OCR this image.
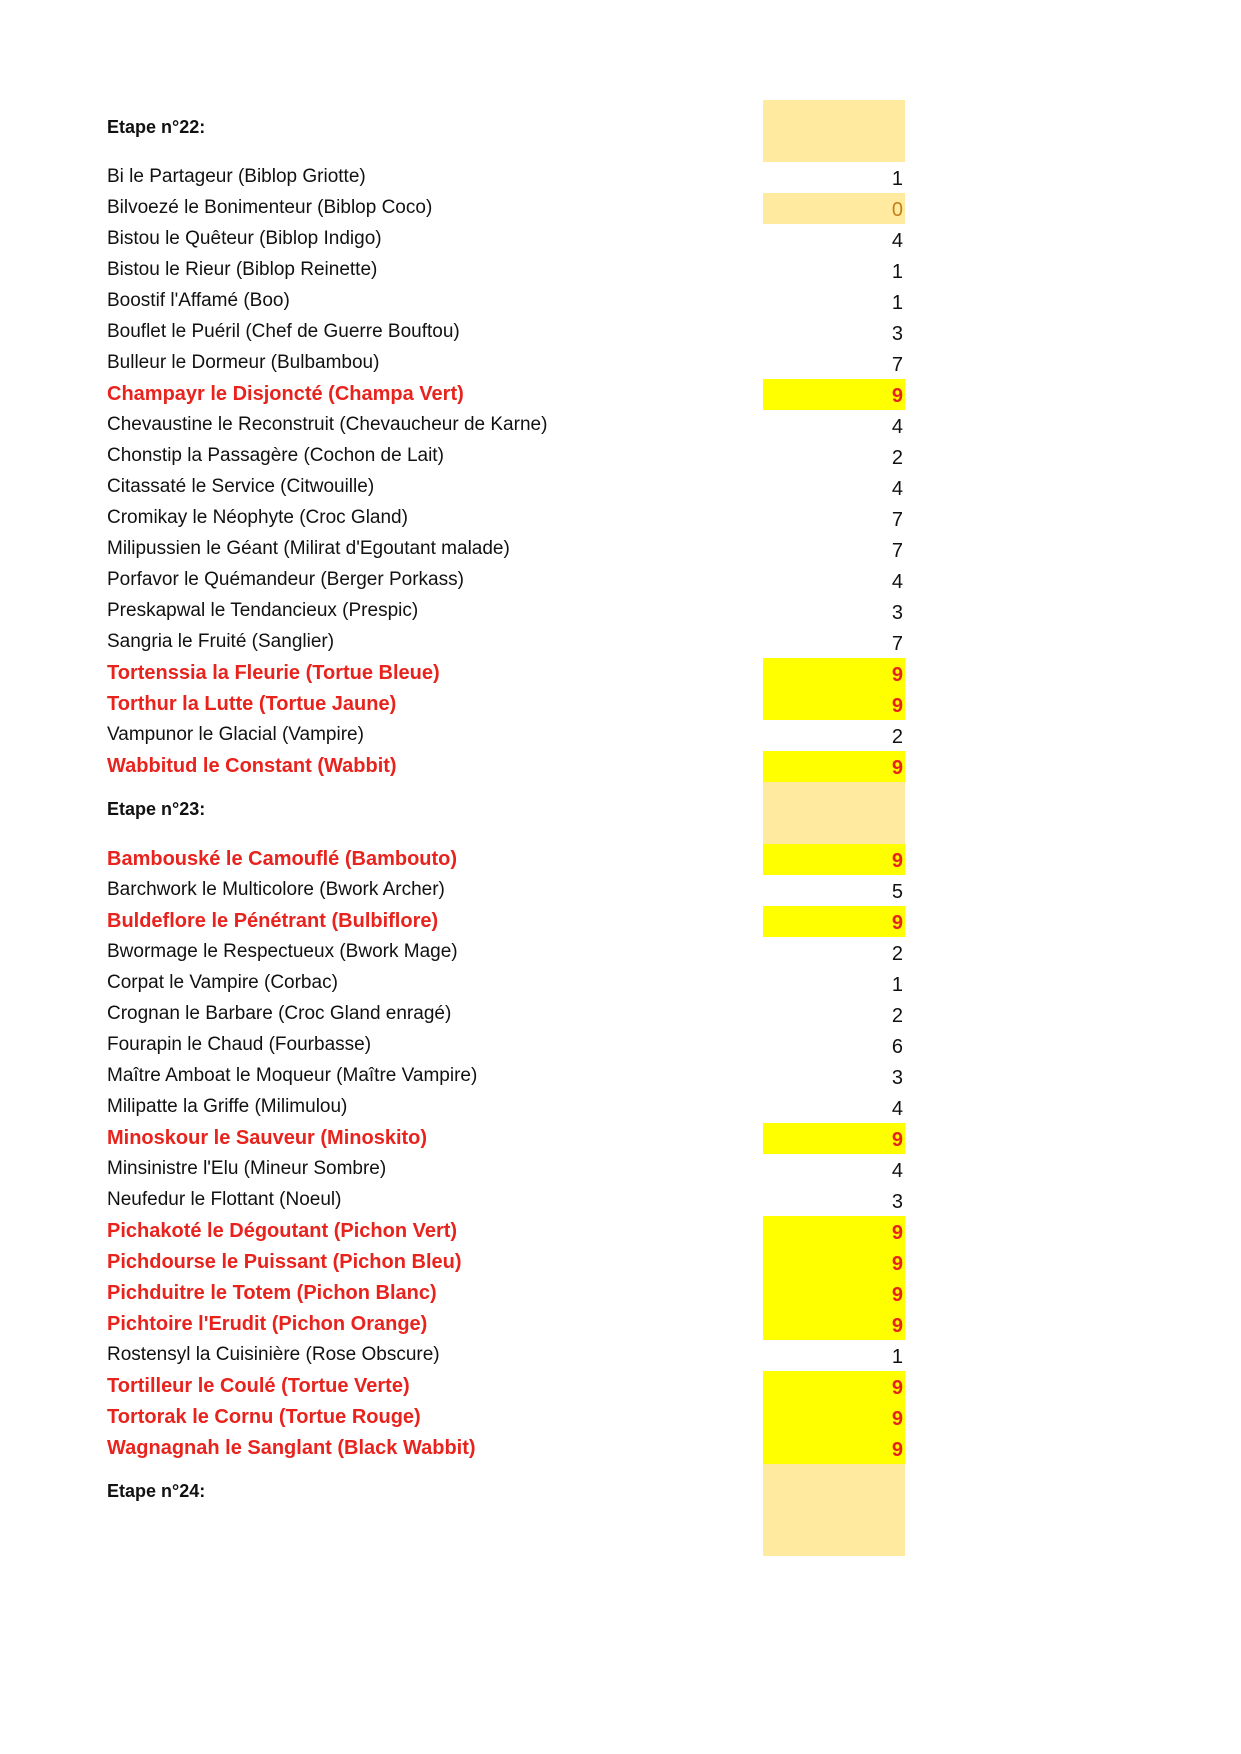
Etape n°22:
Bi le Partageur (Biblop Griotte)	1
Bilvoezé le Bonimenteur (Biblop Coco)	0
Bistou le Quêteur (Biblop Indigo)	4
Bistou le Rieur (Biblop Reinette)	1
Boostif l'Affamé (Boo)	1
Bouflet le Puéril (Chef de Guerre Bouftou)	3
Bulleur le Dormeur (Bulbambou)	7
Champayr le Disjoncté (Champa Vert)	9
Chevaustine le Reconstruit (Chevaucheur de Karne)	4
Chonstip la Passagère (Cochon de Lait)	2
Citassaté le Service (Citwouille)	4
Cromikay le Néophyte (Croc Gland)	7
Milipussien le Géant (Milirat d'Egoutant malade)	7
Porfavor le Quémandeur (Berger Porkass)	4
Preskapwal le Tendancieux (Prespic)	3
Sangria le Fruité (Sanglier)	7
Tortenssia la Fleurie (Tortue Bleue)	9
Torthur la Lutte (Tortue Jaune)	9
Vampunor le Glacial (Vampire)	2
Wabbitud le Constant (Wabbit)	9
Etape n°23:
Bambouské le Camouflé (Bambouto)	9
Barchwork le Multicolore (Bwork Archer)	5
Buldeflore le Pénétrant (Bulbiflore)	9
Bwormage le Respectueux (Bwork Mage)	2
Corpat le Vampire (Corbac)	1
Crognan le Barbare (Croc Gland enragé)	2
Fourapin le Chaud (Fourbasse)	6
Maître Amboat le Moqueur (Maître Vampire)	3
Milipatte la Griffe (Milimulou)	4
Minoskour le Sauveur (Minoskito)	9
Minsinistre l'Elu (Mineur Sombre)	4
Neufedur le Flottant (Noeul)	3
Pichakoté le Dégoutant (Pichon Vert)	9
Pichdourse le Puissant (Pichon Bleu)	9
Pichduitre le Totem (Pichon Blanc)	9
Pichtoire l'Erudit (Pichon Orange)	9
Rostensyl la Cuisinière (Rose Obscure)	1
Tortilleur le Coulé (Tortue Verte)	9
Tortorak le Cornu (Tortue Rouge)	9
Wagnagnah le Sanglant (Black Wabbit)	9
Etape n°24:
